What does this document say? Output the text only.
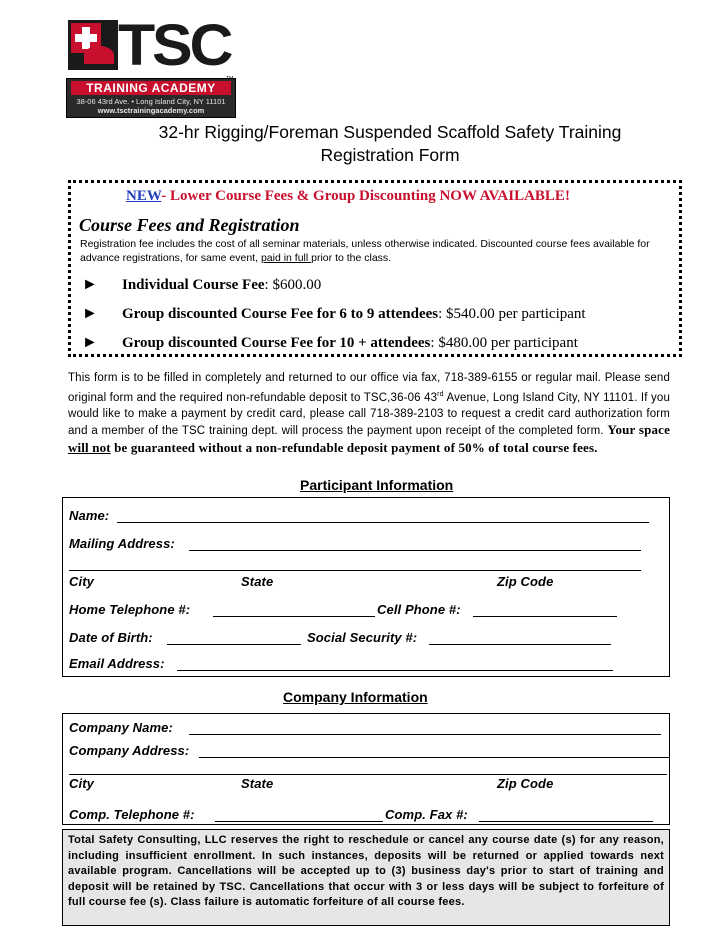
TSC
TRAINING ACADEMY
38-06 43rd Ave. • Long Island City, NY 11101
www.tsctrainingacademy.com
32-hr Rigging/Foreman Suspended Scaffold Safety Training
Registration Form
NEW- Lower Course Fees & Group Discounting NOW AVAILABLE!
Course Fees and Registration
Registration fee includes the cost of all seminar materials, unless otherwise indicated. Discounted course fees available for advance registrations, for same event, paid in full prior to the class.
► Individual Course Fee: $600.00
► Group discounted Course Fee for 6 to 9 attendees: $540.00 per participant
► Group discounted Course Fee for 10 + attendees: $480.00 per participant
This form is to be filled in completely and returned to our office via fax, 718-389-6155 or regular mail. Please send original form and the required non-refundable deposit to TSC,36-06 43rd Avenue, Long Island City, NY 11101. If you would like to make a payment by credit card, please call 718-389-2103 to request a credit card authorization form and a member of the TSC training dept. will process the payment upon receipt of the completed form. Your space will not be guaranteed without a non-refundable deposit payment of 50% of total course fees.
Participant Information
Name:
Mailing Address:
City	State	Zip Code
Home Telephone #:	Cell Phone #:
Date of Birth:	Social Security #:
Email Address:
Company Information
Company Name:
Company Address:
City	State	Zip Code
Comp. Telephone #:	Comp. Fax #:
Total Safety Consulting, LLC reserves the right to reschedule or cancel any course date (s) for any reason, including insufficient enrollment. In such instances, deposits will be returned or applied towards next available program. Cancellations will be accepted up to (3) business day's prior to start of training and deposit will be retained by TSC. Cancellations that occur with 3 or less days will be subject to forfeiture of full course fee (s). Class failure is automatic forfeiture of all course fees.
